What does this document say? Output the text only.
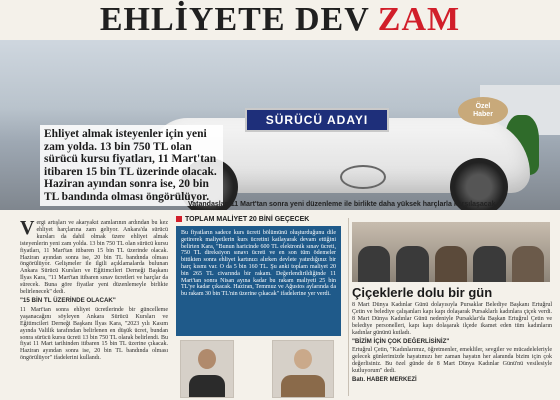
EHLİYETE DEV ZAM
SÜRÜCÜ ADAYI
Ehliyet almak isteyenler için yeni zam yolda. 13 bin 750 TL olan sürücü kursu fiyatları, 11 Mart'tan itibaren 15 bin TL üzerinde olacak. Haziran ayından sonra ise, 20 bin TL bandında olması öngörülüyor.
Özel
Haber
Vatandaşlar, 11 Mart'tan sonra yeni düzenleme ile birlikte daha yüksek harçlarla karşılaşacak.

Vergi artışları ve akaryakıt zamlarının ardından bu kez ehliyet harçlarına zam geliyor. Ankara'da sürücü kursları da dahil olmak üzere ehliyet almak isteyenlerin yeni zam yolda. 13 bin 750 TL olan sürücü kursu fiyatları, 11 Mart'tan itibaren 15 bin TL üzerinde olacak. Haziran ayından sonra ise, 20 bin TL bandında olması öngörülüyor. Gelişmeler ile ilgili açıklamalarda bulunan Ankara Sürücü Kursları ve Eğitimcileri Derneği Başkanı İlyas Kara, "11 Mart'tan itibaren sınav ücretleri ve harçlar da sürecek. Buna göre fiyatlar yeni düzenlemeyle birlikte belirlenecek" dedi.

"15 BİN TL ÜZERİNDE OLACAK"

11 Mart'tan sonra ehliyet ücretlerinde bir güncelleme yaşanacağını söyleyen Ankara Sürücü Kursları ve Eğitimcileri Derneği Başkanı İlyas Kara, "2023 yılı Kasım ayında Valilik tarafından belirlenen en düşük ücret, bundan sonra sürücü kursu ücreti 13 bin 750 TL olarak belirlendi. Bu fiyat 11 Mart tarihinden itibaren 15 bin TL üzerine çıkacak. Haziran ayından sonra ise, 20 bin TL bandında olması öngörülüyor" ifadelerini kullandı.

TOPLAM MALİYET 20 BİNİ GEÇECEK
Bu fiyatların sadece kurs ücreti bölümünü oluşturduğunu dile getirerek maliyetlerin kurs ücretini katlayarak devam ettiğini belirten Kara, "Bunun haricinde 600 TL elektronik sınav ücreti, 750 TL direksiyon sınavı ücreti ve en son tüm ödemeler bittikten sonra ehliyet kartınızı alırken devlete yatırdığınız bir harç kısmı var. O da 5 bin 160 TL. Şu anki toplam maliyet 20 bin 265 TL civarında bir rakam. Değerlendirildiğinde 11 Mart'tan sonra Nisan ayına kadar bu rakam maliyeti 25 bin TL'ye kadar çıkacak. Haziran, Temmuz ve Ağustos aylarında da bu rakam 30 bin TL'nin üzerine çıkacak" ifadelerine yer verdi.	Çiçeklerle dolu bir gün

8 Mart Dünya Kadınlar Günü dolayısıyla Pursaklar Belediye Başkanı Ertuğrul Çetin ve belediye çalışanları kapı kapı dolaşarak Pursaklarlı kadınlara çiçek verdi. 8 Mart Dünya Kadınlar Günü nedeniyle Pursaklar'da Başkan Ertuğrul Çetin ve belediye personelleri, kapı kapı dolaşarak ilçede ikamet eden tüm kadınların kadınlar gününü kutladı.

"BİZİM İÇİN ÇOK DEĞERLİSİNİZ"

Ertuğrul Çetin, "Kadınlarımız, öğretmenler, emekliler, sevgiler ve mücadeleleriyle gelecek günlerimizde hayatımızı her zaman hayatın her alanında bizim için çok değerlisiniz. Bu özel günde de 8 Mart Dünya Kadınlar Günü'nü vesilesiyle kutluyorum" dedi.

Batı. HABER MERKEZİ
